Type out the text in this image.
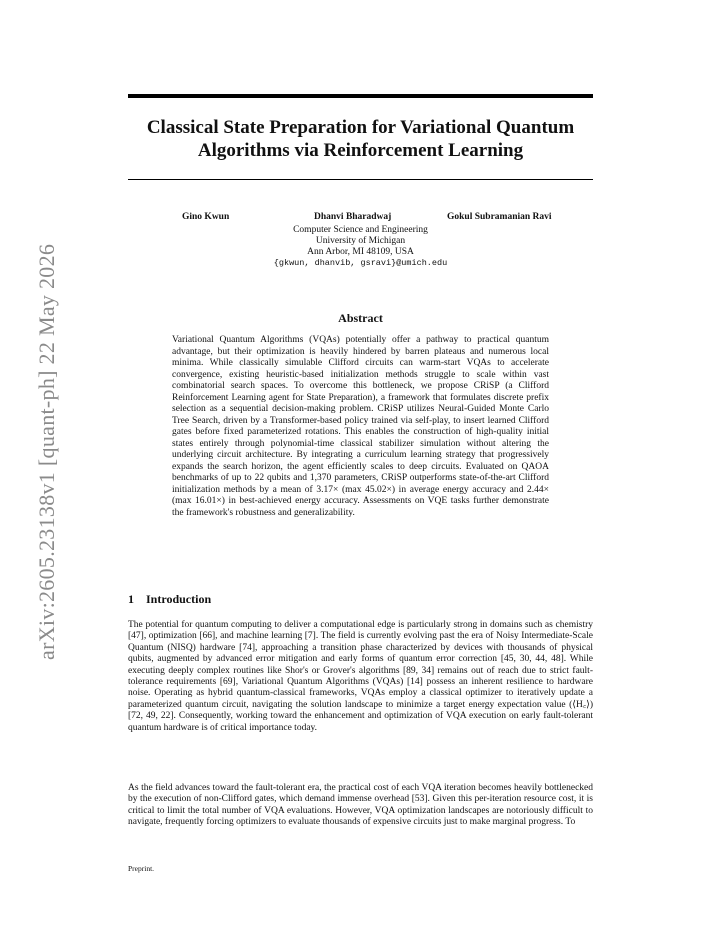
arXiv:2605.23138v1 [quant-ph] 22 May 2026
Classical State Preparation for Variational Quantum Algorithms via Reinforcement Learning
Gino Kwun	Dhanvi Bharadwaj	Gokul Subramanian Ravi
Computer Science and Engineering
University of Michigan
Ann Arbor, MI 48109, USA
{gkwun, dhanvib, gsravi}@umich.edu
Abstract
Variational Quantum Algorithms (VQAs) potentially offer a pathway to practical quantum advantage, but their optimization is heavily hindered by barren plateaus and numerous local minima. While classically simulable Clifford circuits can warm-start VQAs to accelerate convergence, existing heuristic-based initialization methods struggle to scale within vast combinatorial search spaces. To overcome this bottleneck, we propose CRiSP (a Clifford Reinforcement Learning agent for State Preparation), a framework that formulates discrete prefix selection as a sequential decision-making problem. CRiSP utilizes Neural-Guided Monte Carlo Tree Search, driven by a Transformer-based policy trained via self-play, to insert learned Clifford gates before fixed parameterized rotations. This enables the construction of high-quality initial states entirely through polynomial-time classical stabilizer simulation without altering the underlying circuit architecture. By integrating a curriculum learning strategy that progressively expands the search horizon, the agent efficiently scales to deep circuits. Evaluated on QAOA benchmarks of up to 22 qubits and 1,370 parameters, CRiSP outperforms state-of-the-art Clifford initialization methods by a mean of 3.17× (max 45.02×) in average energy accuracy and 2.44× (max 16.01×) in best-achieved energy accuracy. Assessments on VQE tasks further demonstrate the framework's robustness and generalizability.
1 Introduction

The potential for quantum computing to deliver a computational edge is particularly strong in domains such as chemistry [47], optimization [66], and machine learning [7]. The field is currently evolving past the era of Noisy Intermediate-Scale Quantum (NISQ) hardware [74], approaching a transition phase characterized by devices with thousands of physical qubits, augmented by advanced error mitigation and early forms of quantum error correction [45, 30, 44, 48]. While executing deeply complex routines like Shor's or Grover's algorithms [89, 34] remains out of reach due to strict fault-tolerance requirements [69], Variational Quantum Algorithms (VQAs) [14] possess an inherent resilience to hardware noise. Operating as hybrid quantum-classical frameworks, VQAs employ a classical optimizer to iteratively update a parameterized quantum circuit, navigating the solution landscape to minimize a target energy expectation value (⟨H꜀⟩) [72, 49, 22]. Consequently, working toward the enhancement and optimization of VQA execution on early fault-tolerant quantum hardware is of critical importance today.

As the field advances toward the fault-tolerant era, the practical cost of each VQA iteration becomes heavily bottlenecked by the execution of non-Clifford gates, which demand immense overhead [53]. Given this per-iteration resource cost, it is critical to limit the total number of VQA evaluations. However, VQA optimization landscapes are notoriously difficult to navigate, frequently forcing optimizers to evaluate thousands of expensive circuits just to make marginal progress. To

Preprint.
